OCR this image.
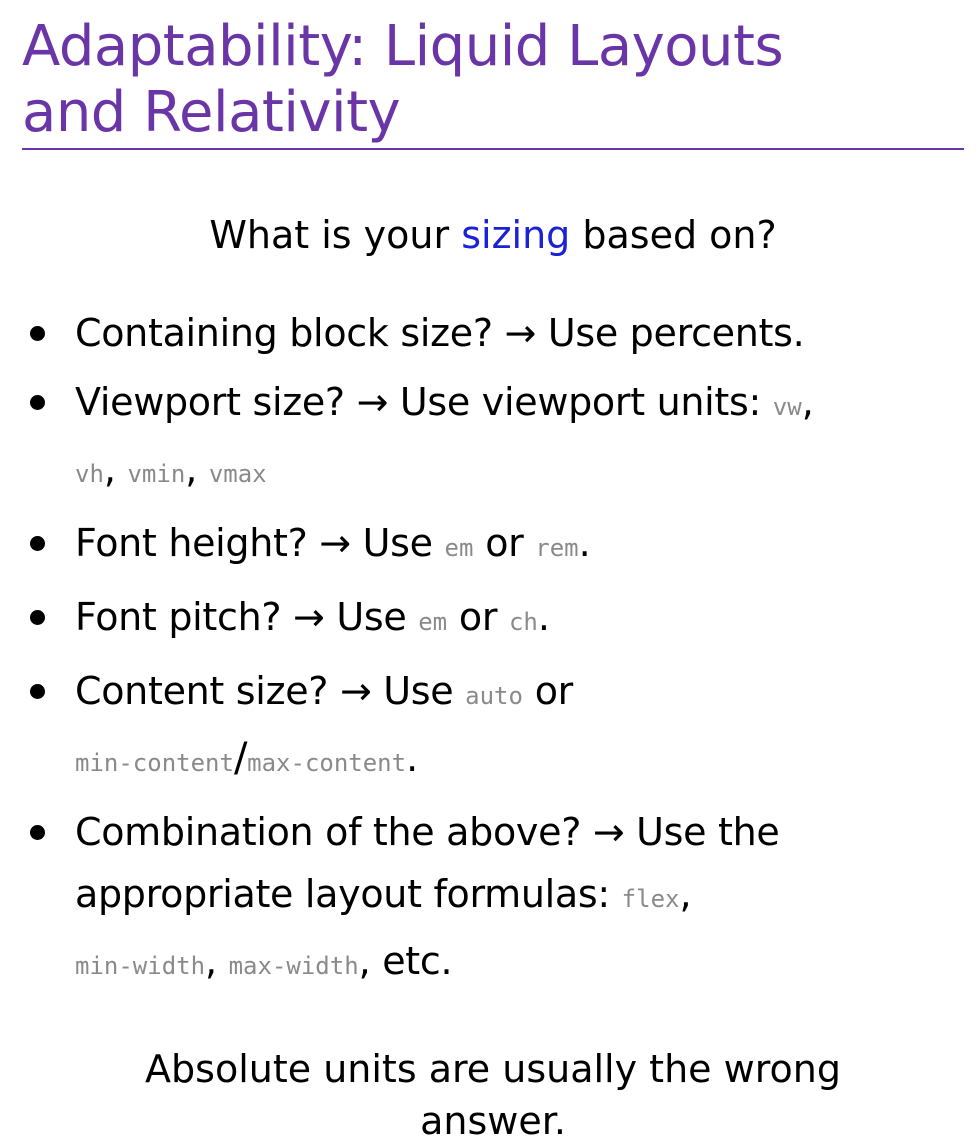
Adaptability: Liquid Layouts
and Relativity

What is your sizing based on?

Containing block size? → Use percents.
Viewport size? → Use viewport units: vw,
vh, vmin, vmax
Font height? → Use em or rem.
Font pitch? → Use em or ch.
Content size? → Use auto or
min-content/max-content.
Combination of the above? → Use the
appropriate layout formulas: flex,
min-width, max-width, etc.

Absolute units are usually the wrong
answer.
